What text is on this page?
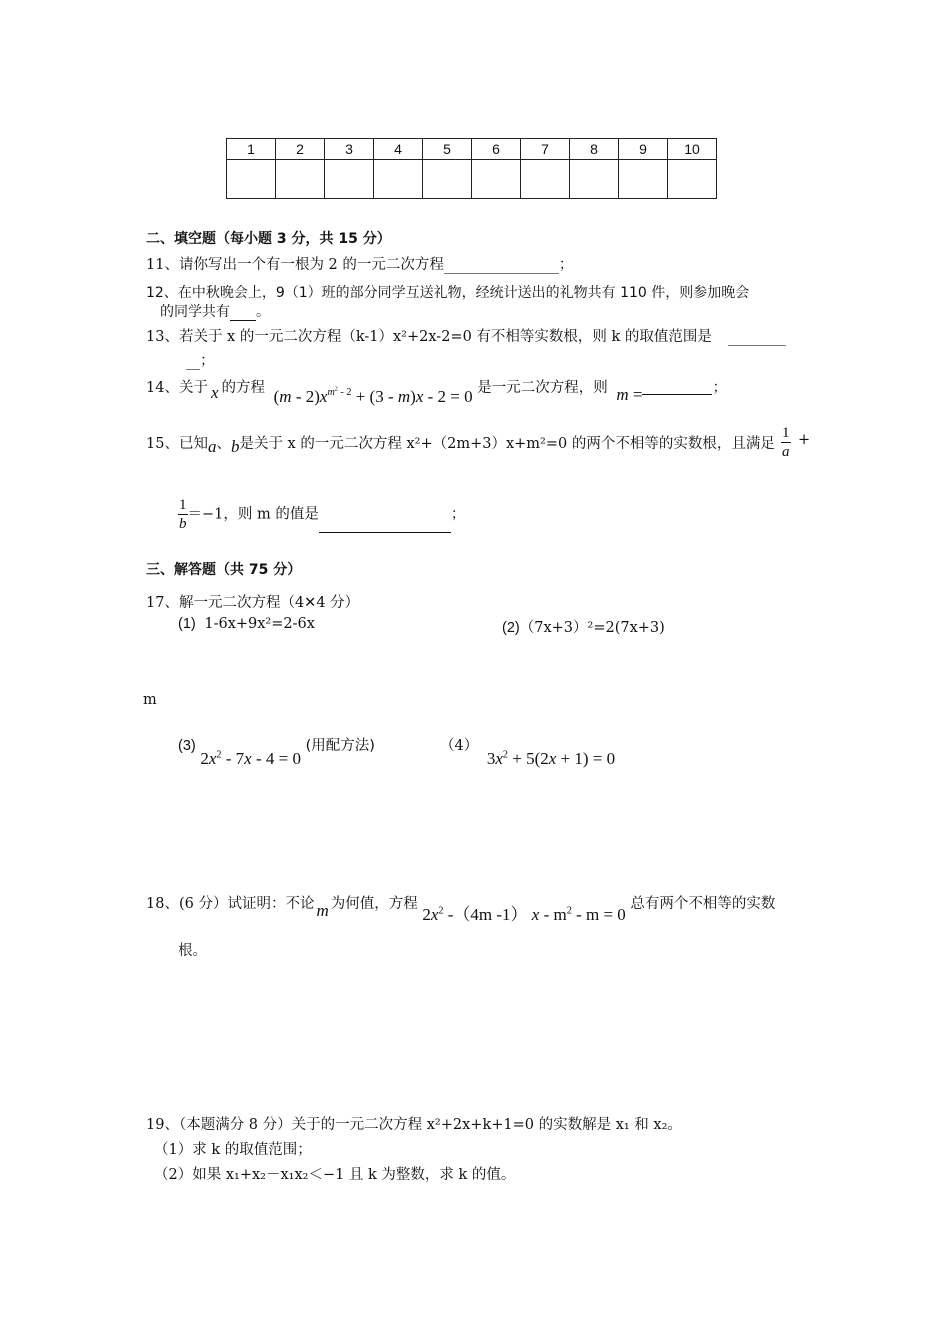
1	2	3	4	5	6	7	8	9	10

二、填空题（每小题 3 分，共 15 分）
11、请你写出一个有一根为 2 的一元二次方程	；
12、在中秋晚会上，9（1）班的部分同学互送礼物，经统计送出的礼物共有 110 件，则参加晚会
的同学共有 。
13、若关于 x 的一元二次方程（k-1）x²+2x-2=0 有不相等实数根，则 k 的取值范围是
；
14、关于 x 的方程 $(m - 2)x^{m^2 - 2} + (3 - m)x - 2 = 0$ 是一元二次方程，则 m =	；
15、已知a、b是关于 x 的一元二次方程 x²+（2m+3）x+m²=0 的两个不相等的实数根，且满足 $\frac{1}{a}$ +
$\frac{1}{b} =-1$，则 m 的值是	；
三、解答题（共 75 分）
17、解一元二次方程（4✕4 分）
(1) 1-6x+9x²=2-6x	(2)（7x+3）²=2(7x+3)
m
(3) $2x^2 - 7x - 4 = 0$ (用配方法)	（4） $3x^2 + 5(2x + 1) = 0$
18、(6 分）试证明：不论 m 为何值，方程 $2x^2$ -（4m -1） $x - m^2 - m = 0$ 总有两个不相等的实数
根。
19、（本题满分 8 分）关于的一元二次方程 x²+2x+k+1=0 的实数解是 x₁ 和 x₂。
（1）求 k 的取值范围；
（2）如果 x₁+x₂－x₁x₂＜−1 且 k 为整数，求 k 的值。
